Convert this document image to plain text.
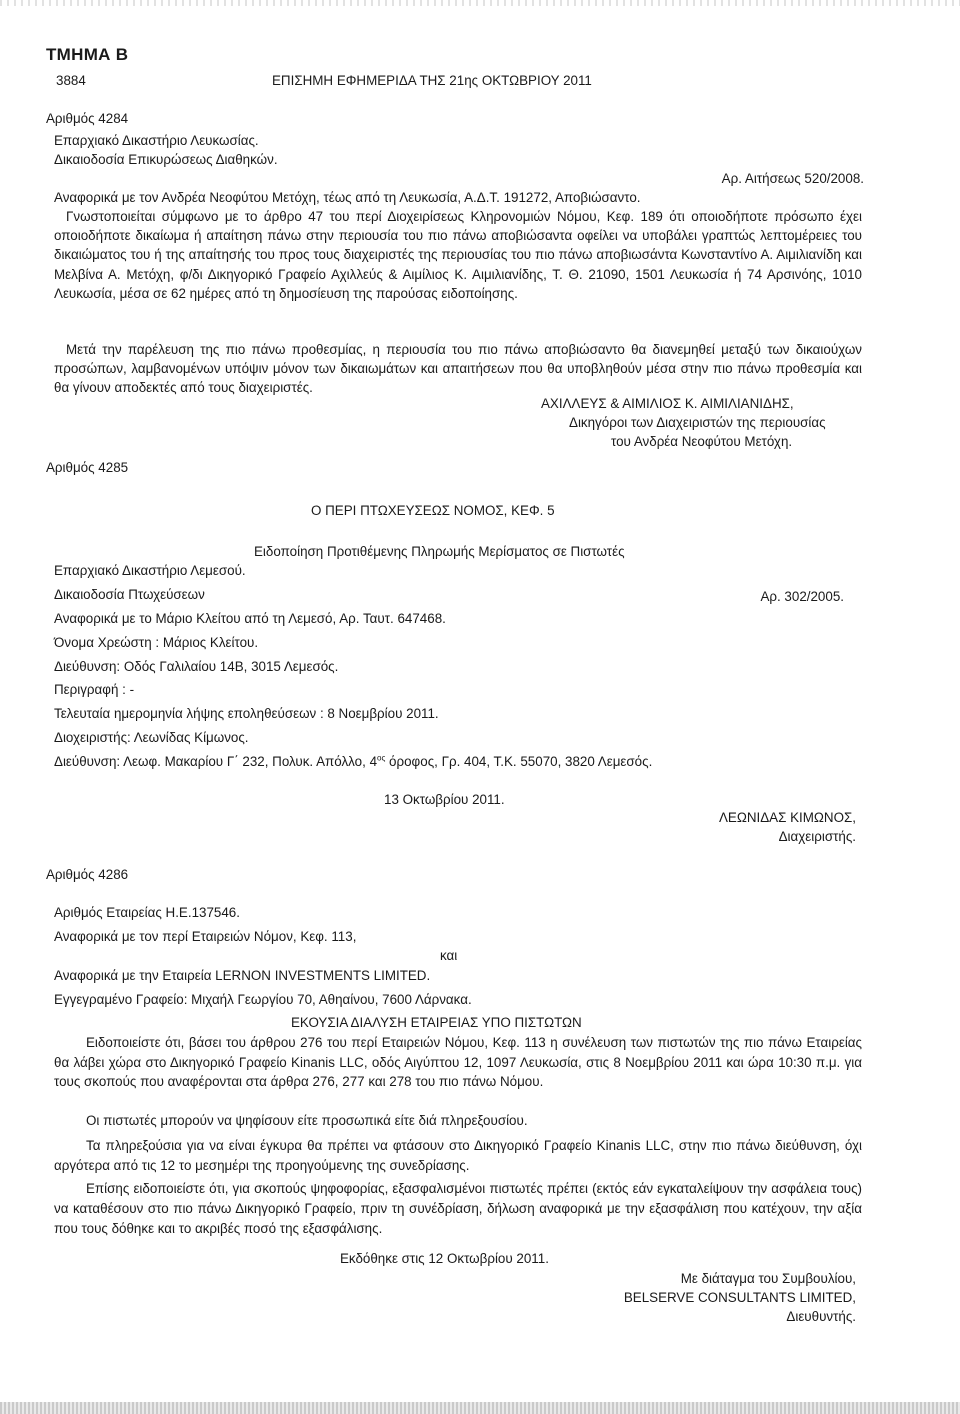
ΤΜΗΜΑ Β
3884	ΕΠΙΣΗΜΗ ΕΦΗΜΕΡΙΔΑ ΤΗΣ 21ης ΟΚΤΩΒΡΙΟΥ 2011
Αριθμός 4284
Επαρχιακό Δικαστήριο Λευκωσίας.
Δικαιοδοσία Επικυρώσεως Διαθηκών.
Αρ. Αιτήσεως 520/2008.
Αναφορικά με τον Ανδρέα Νεοφύτου Μετόχη, τέως από τη Λευκωσία, Α.Δ.Τ. 191272, Αποβιώσαντο.
Γνωστοποιείται σύμφωνο με το άρθρο 47 του περί Διοχειρίσεως Κληρονομιών Νόμου, Κεφ. 189 ότι οποιοδήποτε πρόσωπο έχει οποιοδήποτε δικαίωμα ή απαίτηση πάνω στην περιουσία του πιο πάνω αποβιώσαντα οφείλει να υποβάλει γραπτώς λεπτομέρειες του δικαιώματος του ή της απαίτησής του προς τους διαχειριστές της περιουσίας του πιο πάνω αποβιωσάντα Κωνσταντίνο Α. Αιμιλιανίδη και Μελβίνα Α. Μετόχη, φ/δι Δικηγορικό Γραφείο Αχιλλεύς & Αιμίλιος Κ. Αιμιλιανίδης, Τ. Θ. 21090, 1501 Λευκωσία ή 74 Αρσινόης, 1010 Λευκωσία, μέσα σε 62 ημέρες από τη δημοσίευση της παρούσας ειδοποίησης.
Μετά την παρέλευση της πιο πάνω προθεσμίας, η περιουσία του πιο πάνω αποβιώσαντο θα διανεμηθεί μεταξύ των δικαιούχων προσώπων, λαμβανομένων υπόψιν μόνον των δικαιωμάτων και απαιτήσεων που θα υποβληθούν μέσα στην πιο πάνω προθεσμία και θα γίνουν αποδεκτές από τους διαχειριστές.
ΑΧΙΛΛΕΥΣ & ΑΙΜΙΛΙΟΣ Κ. ΑΙΜΙΛΙΑΝΙΔΗΣ,
Δικηγόροι των Διαχειριστών της περιουσίας
του Ανδρέα Νεοφύτου Μετόχη.
Αριθμός 4285
Ο ΠΕΡΙ ΠΤΩΧΕΥΣΕΩΣ ΝΟΜΟΣ, ΚΕΦ. 5
Ειδοποίηση Προτιθέμενης Πληρωμής Μερίσματος σε Πιστωτές
Επαρχιακό Δικαστήριο Λεμεσού.
Δικαιοδοσία Πτωχεύσεων	Αρ. 302/2005.
Αναφορικά με το Μάριο Κλείτου από τη Λεμεσό, Αρ. Ταυτ. 647468.
Όνομα Χρεώστη : Μάριος Κλείτου.
Διεύθυνση: Οδός Γαλιλαίου 14Β, 3015 Λεμεσός.
Περιγραφή : -
Τελευταία ημερομηνία λήψης εποληθεύσεων : 8 Νοεμβρίου 2011.
Διοχειριστής: Λεωνίδας Κίμωνος.
Διεύθυνση: Λεωφ. Μακαρίου Γ΄ 232, Πολυκ. Απόλλο, $4^{o\varsigma}$ όροφος, Γρ. 404, Τ.Κ. 55070, 3820 Λεμεσός.
13 Οκτωβρίου 2011.
ΛΕΩΝΙΔΑΣ ΚΙΜΩΝΟΣ,
Διαχειριστής.
Αριθμός 4286
Αριθμός Εταιρείας Η.Ε.137546.
Αναφορικά με τον περί Εταιρειών Νόμον, Κεφ. 113,
και
Αναφορικά με την Εταιρεία LERNON INVESTMENTS LIMITED.
Εγγεγραμένο Γραφείο: Μιχαήλ Γεωργίου 70, Αθηαίνου, 7600 Λάρνακα.
ΕΚΟΥΣΙΑ ΔΙΑΛΥΣΗ ΕΤΑΙΡΕΙΑΣ ΥΠΟ ΠΙΣΤΩΤΩΝ
Ειδοποιείστε ότι, βάσει του άρθρου 276 του περί Εταιρειών Νόμου, Κεφ. 113 η συνέλευση των πιστωτών της πιο πάνω Εταιρείας θα λάβει χώρα στο Δικηγορικό Γραφείο Kinanis LLC, οδός Αιγύπτου 12, 1097 Λευκωσία, στις 8 Νοεμβρίου 2011 και ώρα 10:30 π.μ. για τους σκοπούς που αναφέρονται στα άρθρα 276, 277 και 278 του πιο πάνω Νόμου.
Οι πιστωτές μπορούν να ψηφίσουν είτε προσωπικά είτε διά πληρεξουσίου.
Τα πληρεξούσια για να είναι έγκυρα θα πρέπει να φτάσουν στο Δικηγορικό Γραφείο Kinanis LLC, στην πιο πάνω διεύθυνση, όχι αργότερα από τις 12 το μεσημέρι της προηγούμενης της συνεδρίασης.
Επίσης ειδοποιείστε ότι, για σκοπούς ψηφοφορίας, εξασφαλισμένοι πιστωτές πρέπει (εκτός εάν εγκαταλείψουν την ασφάλεια τους) να καταθέσουν στο πιο πάνω Δικηγορικό Γραφείο, πριν τη συνέδρίαση, δήλωση αναφορικά με την εξασφάλιση που κατέχουν, την αξία που τους δόθηκε και το ακριβές ποσό της εξασφάλισης.
Εκδόθηκε στις 12 Οκτωβρίου 2011.
Με διάταγμα του Συμβουλίου,
BELSERVE CONSULTANTS LIMITED,
Διευθυντής.
